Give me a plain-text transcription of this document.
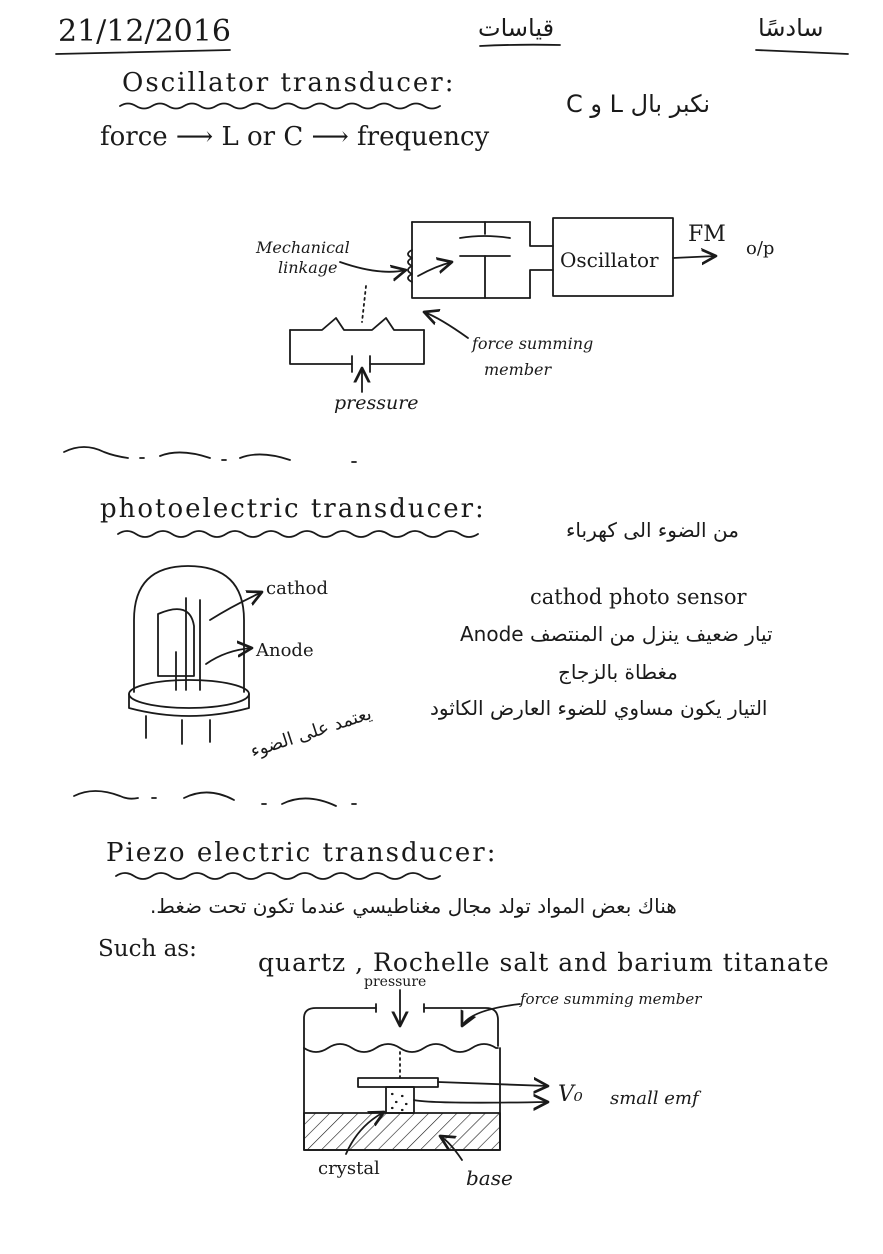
21/12/2016	قياسات	سادسًا
Oscillator transducer:
نكبر بال L و C
force ⟶ L or C ⟶ frequency
Mechanical
linkage	Oscillator
FM
o/p
force summing
member
pressure
photoelectric transducer:
من الضوء الى كهرباء
cathod
Anode
cathod photo sensor
تيار ضعيف ينزل من المنتصف Anode
مغطاة بالزجاج
التيار يكون مساوي للضوء العارض الكاثود
يعتمد على الضوء
Piezo electric transducer:
هناك بعض المواد تولد مجال مغناطيسي عندما تكون تحت ضغط.
Such as: quartz , Rochelle salt and barium titanate
pressure
force summing member
V₀ small emf
crystal	base
